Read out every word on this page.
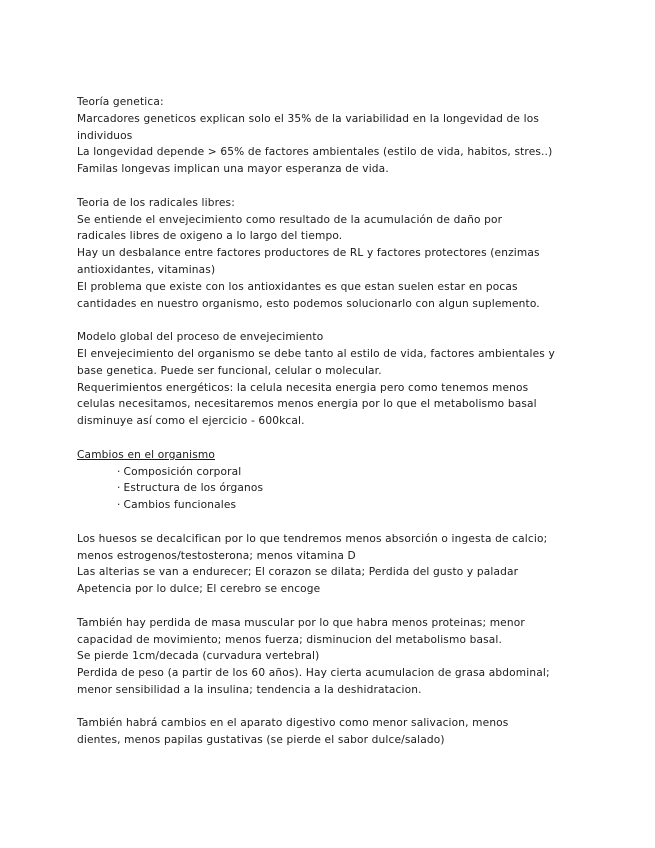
Teoría genetica:
Marcadores geneticos explican solo el 35% de la variabilidad en la longevidad de los
individuos
La longevidad depende > 65% de factores ambientales (estilo de vida, habitos, stres..)
Familas longevas implican una mayor esperanza de vida.
Teoria de los radicales libres:
Se entiende el envejecimiento como resultado de la acumulación de daño por
radicales libres de oxigeno a lo largo del tiempo.
Hay un desbalance entre factores productores de RL y factores protectores (enzimas
antioxidantes, vitaminas)
El problema que existe con los antioxidantes es que estan suelen estar en pocas
cantidades en nuestro organismo, esto podemos solucionarlo con algun suplemento.
Modelo global del proceso de envejecimiento
El envejecimiento del organismo se debe tanto al estilo de vida, factores ambientales y
base genetica. Puede ser funcional, celular o molecular.
Requerimientos energéticos: la celula necesita energia pero como tenemos menos
celulas necesitamos, necesitaremos menos energia por lo que el metabolismo basal
disminuye así como el ejercicio - 600kcal.
Cambios en el organismo
· Composición corporal
· Estructura de los órganos
· Cambios funcionales
Los huesos se decalcifican por lo que tendremos menos absorción o ingesta de calcio;
menos estrogenos/testosterona; menos vitamina D
Las alterias se van a endurecer; El corazon se dilata; Perdida del gusto y paladar
Apetencia por lo dulce; El cerebro se encoge
También hay perdida de masa muscular por lo que habra menos proteinas; menor
capacidad de movimiento; menos fuerza; disminucion del metabolismo basal.
Se pierde 1cm/decada (curvadura vertebral)
Perdida de peso (a partir de los 60 años). Hay cierta acumulacion de grasa abdominal;
menor sensibilidad a la insulina; tendencia a la deshidratacion.
También habrá cambios en el aparato digestivo como menor salivacion, menos
dientes, menos papilas gustativas (se pierde el sabor dulce/salado)
